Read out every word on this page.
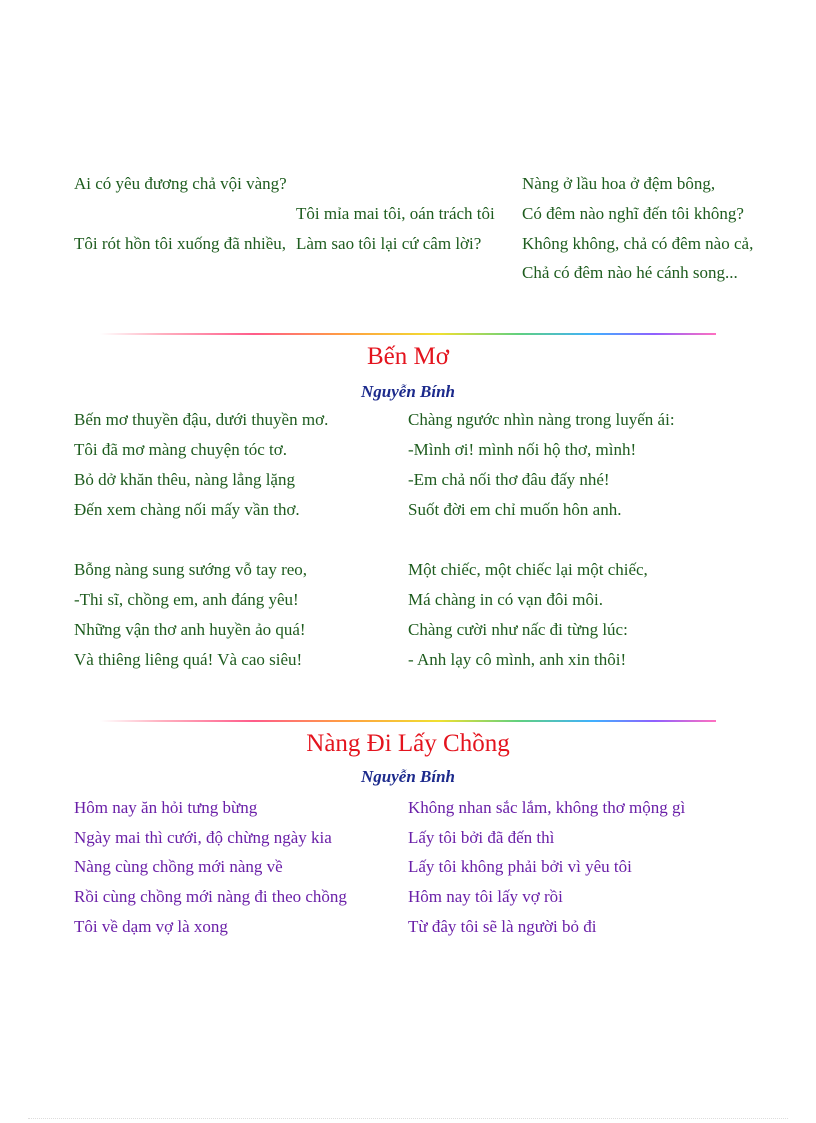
Ai có yêu đương chả vội vàng?

Tôi rót hồn tôi xuống đã nhiều,

Tôi mỉa mai tôi, oán trách tôi

Làm sao tôi lại cứ câm lời?

Nàng ở lầu hoa ở đệm bông,

Có đêm nào nghĩ đến tôi không?

Không không, chả có đêm nào cả,

Chả có đêm nào hé cánh song...

Bến Mơ

Nguyễn Bính

Bến mơ thuyền đậu, dưới thuyền mơ.

Tôi đã mơ màng chuyện tóc tơ.

Bỏ dở khăn thêu, nàng lẳng lặng

Đến xem chàng nối mấy vần thơ.

Bỗng nàng sung sướng vỗ tay reo,

-Thi sĩ, chồng em, anh đáng yêu!

Những vận thơ anh huyền ảo quá!

Và thiêng liêng quá! Và cao siêu!

Chàng ngước nhìn nàng trong luyến ái:

-Mình ơi! mình nối hộ thơ, mình!

-Em chả nối thơ đâu đấy nhé!

Suốt đời em chỉ muốn hôn anh.

Một chiếc, một chiếc lại một chiếc,

Má chàng in có vạn đôi môi.

Chàng cười như nấc đi từng lúc:

- Anh lạy cô mình, anh xin thôi!

Nàng Đi Lấy Chồng

Nguyễn Bính

Hôm nay ăn hỏi tưng bừng

Ngày mai thì cưới, độ chừng ngày kia

Nàng cùng chồng mới nàng về

Rồi cùng chồng mới nàng đi theo chồng

Tôi về dạm vợ là xong

Không nhan sắc lắm, không thơ mộng gì

Lấy tôi bởi đã đến thì

Lấy tôi không phải bởi vì yêu tôi

Hôm nay tôi lấy vợ rồi

Từ đây tôi sẽ là người bỏ đi
